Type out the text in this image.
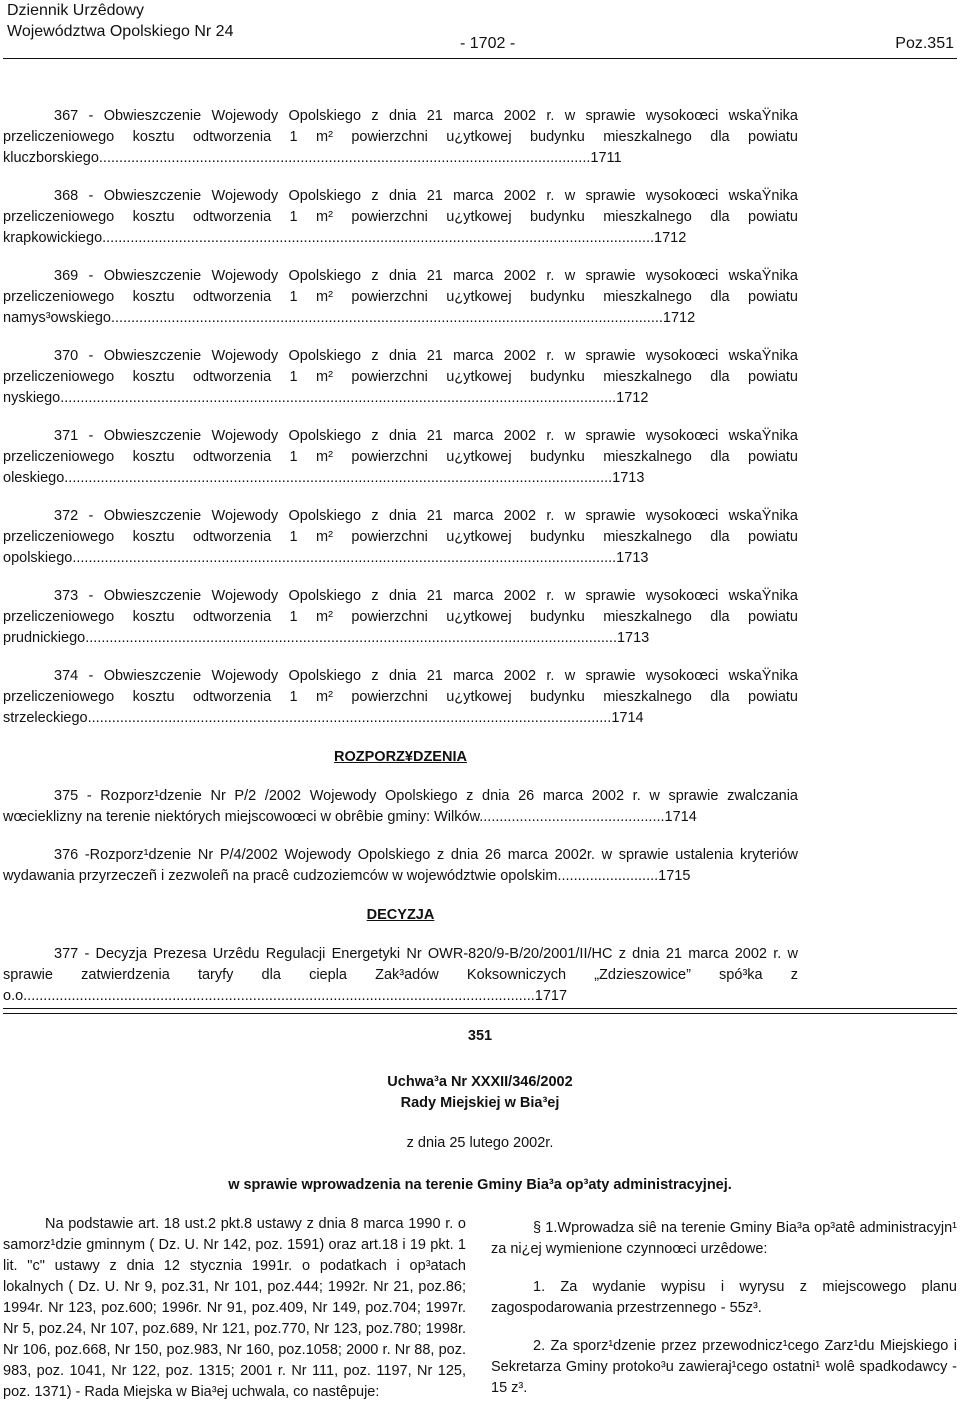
Dziennik Urzêdowy
Województwa Opolskiego Nr 24
- 1702 -	Poz.351
367 - Obwieszczenie Wojewody Opolskiego z dnia 21 marca 2002 r. w sprawie wysokoœci wskaŸnika przeliczeniowego kosztu odtworzenia 1 m² powierzchni u¿ytkowej budynku mieszkalnego dla powiatu kluczborskiego..........................................................................................................................1711
368 - Obwieszczenie Wojewody Opolskiego z dnia 21 marca 2002 r. w sprawie wysokoœci wskaŸnika przeliczeniowego kosztu odtworzenia 1 m² powierzchni u¿ytkowej budynku mieszkalnego dla powiatu krapkowickiego.........................................................................................................................................1712
369 - Obwieszczenie Wojewody Opolskiego z dnia 21 marca 2002 r. w sprawie wysokoœci wskaŸnika przeliczeniowego kosztu odtworzenia 1 m² powierzchni u¿ytkowej budynku mieszkalnego dla powiatu namys³owskiego.........................................................................................................................................1712
370 - Obwieszczenie Wojewody Opolskiego z dnia 21 marca 2002 r. w sprawie wysokoœci wskaŸnika przeliczeniowego kosztu odtworzenia 1 m² powierzchni u¿ytkowej budynku mieszkalnego dla powiatu nyskiego..........................................................................................................................................1712
371 - Obwieszczenie Wojewody Opolskiego z dnia 21 marca 2002 r. w sprawie wysokoœci wskaŸnika przeliczeniowego kosztu odtworzenia 1 m² powierzchni u¿ytkowej budynku mieszkalnego dla powiatu oleskiego........................................................................................................................................1713
372 - Obwieszczenie Wojewody Opolskiego z dnia 21 marca 2002 r. w sprawie wysokoœci wskaŸnika przeliczeniowego kosztu odtworzenia 1 m² powierzchni u¿ytkowej budynku mieszkalnego dla powiatu opolskiego.......................................................................................................................................1713
373 - Obwieszczenie Wojewody Opolskiego z dnia 21 marca 2002 r. w sprawie wysokoœci wskaŸnika przeliczeniowego kosztu odtworzenia 1 m² powierzchni u¿ytkowej budynku mieszkalnego dla powiatu prudnickiego....................................................................................................................................1713
374 - Obwieszczenie Wojewody Opolskiego z dnia 21 marca 2002 r. w sprawie wysokoœci wskaŸnika przeliczeniowego kosztu odtworzenia 1 m² powierzchni u¿ytkowej budynku mieszkalnego dla powiatu strzeleckiego..................................................................................................................................1714
ROZPORZ¥DZENIA
375 - Rozporz¹dzenie Nr P/2 /2002 Wojewody Opolskiego z dnia 26 marca 2002 r. w sprawie zwalczania wœcieklizny na terenie niektórych miejscowoœci w obrêbie gminy: Wilków..............................................1714
376 -Rozporz¹dzenie Nr P/4/2002 Wojewody Opolskiego z dnia 26 marca 2002r. w sprawie ustalenia kryteriów wydawania przyrzeczeñ i zezwoleñ na pracê cudzoziemców w województwie opolskim.........................1715
DECYZJA
377 - Decyzja Prezesa Urzêdu Regulacji Energetyki Nr OWR-820/9-B/20/2001/II/HC z dnia 21 marca 2002 r. w sprawie zatwierdzenia taryfy dla ciepla Zak³adów Koksowniczych „Zdzieszowice” spó³ka z o.o...............................................................................................................................1717
351
Uchwa³a Nr XXXII/346/2002
Rady Miejskiej w Bia³ej
z dnia 25 lutego 2002r.
w sprawie wprowadzenia na terenie Gminy Bia³a op³aty administracyjnej.

Na podstawie art. 18 ust.2 pkt.8 ustawy z dnia 8 marca 1990 r. o samorz¹dzie gminnym ( Dz. U. Nr 142, poz. 1591) oraz art.18 i 19 pkt. 1 lit. "c" ustawy z dnia 12 stycznia 1991r. o podatkach i op³atach lokalnych ( Dz. U. Nr 9, poz.31, Nr 101, poz.444; 1992r. Nr 21, poz.86; 1994r. Nr 123, poz.600; 1996r. Nr 91, poz.409, Nr 149, poz.704; 1997r. Nr 5, poz.24, Nr 107, poz.689, Nr 121, poz.770, Nr 123, poz.780; 1998r. Nr 106, poz.668, Nr 150, poz.983, Nr 160, poz.1058; 2000 r. Nr 88, poz. 983, poz. 1041, Nr 122, poz. 1315; 2001 r. Nr 111, poz. 1197, Nr 125, poz. 1371) - Rada Miejska w Bia³ej uchwala, co nastêpuje:

§ 1.Wprowadza siê na terenie Gminy Bia³a op³atê administracyjn¹ za ni¿ej wymienione czynnoœci urzêdowe:

1. Za wydanie wypisu i wyrysu z miejscowego planu zagospodarowania przestrzennego - 55z³.

2. Za sporz¹dzenie przez przewodnicz¹cego Zarz¹du Miejskiego i Sekretarza Gminy protoko³u zawieraj¹cego ostatni¹ wolê spadkodawcy - 15 z³.
